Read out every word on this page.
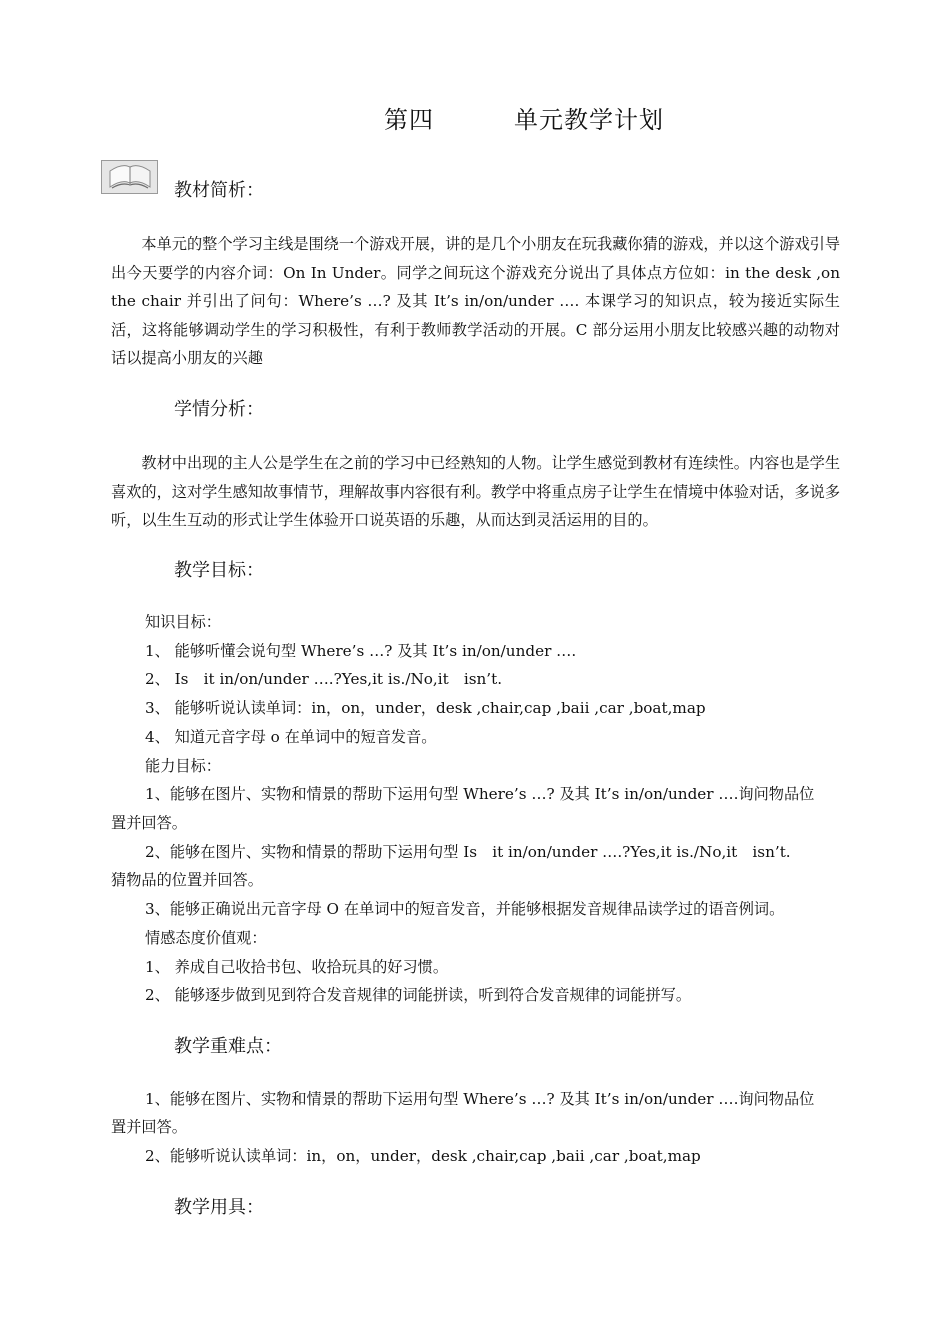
第四	单元教学计划
教材简析：
本单元的整个学习主线是围绕一个游戏开展，讲的是几个小朋友在玩我藏你猜的游戏，并以这个游戏引导出今天要学的内容介词：On In Under。同学之间玩这个游戏充分说出了具体点方位如：in the desk ,on the chair 并引出了问句：Where’s …? 及其 It’s in/on/under …. 本课学习的知识点，较为接近实际生活，这将能够调动学生的学习积极性，有利于教师教学活动的开展。C 部分运用小朋友比较感兴趣的动物对话以提高小朋友的兴趣
学情分析：
教材中出现的主人公是学生在之前的学习中已经熟知的人物。让学生感觉到教材有连续性。内容也是学生喜欢的，这对学生感知故事情节，理解故事内容很有利。教学中将重点房子让学生在情境中体验对话，多说多听，以生生互动的形式让学生体验开口说英语的乐趣，从而达到灵活运用的目的。
教学目标：
知识目标：
1、 能够听懂会说句型 Where’s …? 及其 It’s in/on/under ….
2、 Is　it in/on/under ….?Yes,it is./No,it　isn’t.
3、 能够听说认读单词：in，on，under，desk ,chair,cap ,baii ,car ,boat,map
4、 知道元音字母 o 在单词中的短音发音。
能力目标：
1、能够在图片、实物和情景的帮助下运用句型 Where’s …? 及其 It’s in/on/under ….询问物品位
置并回答。
2、能够在图片、实物和情景的帮助下运用句型 Is　it in/on/under ….?Yes,it is./No,it　isn’t.
猜物品的位置并回答。
3、能够正确说出元音字母 O 在单词中的短音发音，并能够根据发音规律品读学过的语音例词。
情感态度价值观：
1、 养成自己收拾书包、收拾玩具的好习惯。
2、 能够逐步做到见到符合发音规律的词能拼读，听到符合发音规律的词能拼写。
教学重难点：
1、能够在图片、实物和情景的帮助下运用句型 Where’s …? 及其 It’s in/on/under ….询问物品位
置并回答。
2、能够听说认读单词：in，on，under，desk ,chair,cap ,baii ,car ,boat,map
教学用具：
